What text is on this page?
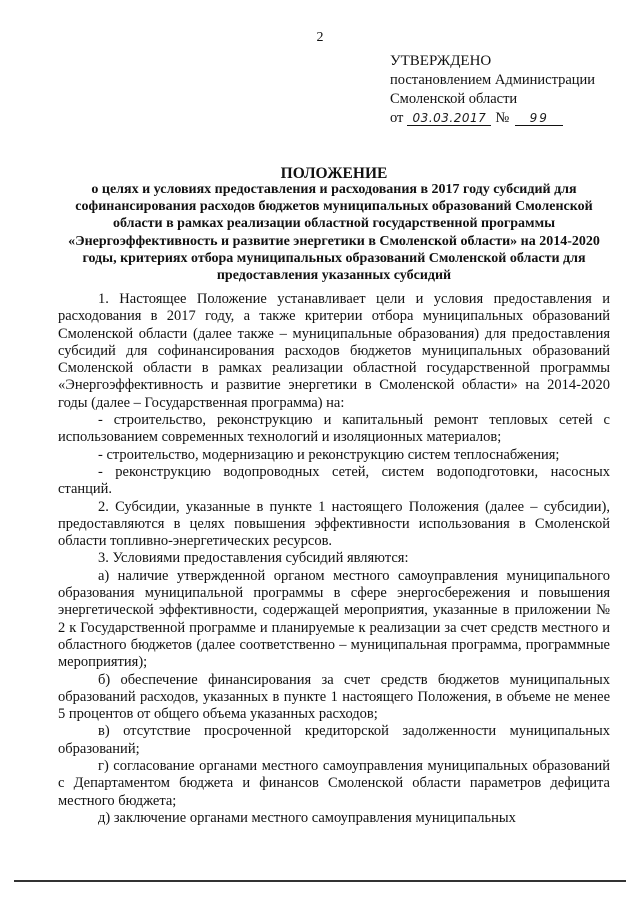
2
УТВЕРЖДЕНО
постановлением Администрации
Смоленской области
от 03.03.2017 №	99
ПОЛОЖЕНИЕ
о целях и условиях предоставления и расходования в 2017 году субсидий для софинансирования расходов бюджетов муниципальных образований Смоленской области в рамках реализации областной государственной программы «Энергоэффективность и развитие энергетики в Смоленской области» на 2014-2020 годы, критериях отбора муниципальных образований Смоленской области для предоставления указанных субсидий

1. Настоящее Положение устанавливает цели и условия предоставления и расходования в 2017 году, а также критерии отбора муниципальных образований Смоленской области (далее также – муниципальные образования) для предоставления субсидий для софинансирования расходов бюджетов муниципальных образований Смоленской области в рамках реализации областной государственной программы «Энергоэффективность и развитие энергетики в Смоленской области» на 2014-2020 годы (далее – Государственная программа) на:

- строительство, реконструкцию и капитальный ремонт тепловых сетей с использованием современных технологий и изоляционных материалов;

- строительство, модернизацию и реконструкцию систем теплоснабжения;

- реконструкцию водопроводных сетей, систем водоподготовки, насосных станций.

2. Субсидии, указанные в пункте 1 настоящего Положения (далее – субсидии), предоставляются в целях повышения эффективности использования в Смоленской области топливно-энергетических ресурсов.

3. Условиями предоставления субсидий являются:

а) наличие утвержденной органом местного самоуправления муниципального образования муниципальной программы в сфере энергосбережения и повышения энергетической эффективности, содержащей мероприятия, указанные в приложении № 2 к Государственной программе и планируемые к реализации за счет средств местного и областного бюджетов (далее соответственно – муниципальная программа, программные мероприятия);

б) обеспечение финансирования за счет средств бюджетов муниципальных образований расходов, указанных в пункте 1 настоящего Положения, в объеме не менее 5 процентов от общего объема указанных расходов;

в) отсутствие просроченной кредиторской задолженности муниципальных образований;

г) согласование органами местного самоуправления муниципальных образований с Департаментом бюджета и финансов Смоленской области параметров дефицита местного бюджета;

д) заключение органами местного самоуправления муниципальных
